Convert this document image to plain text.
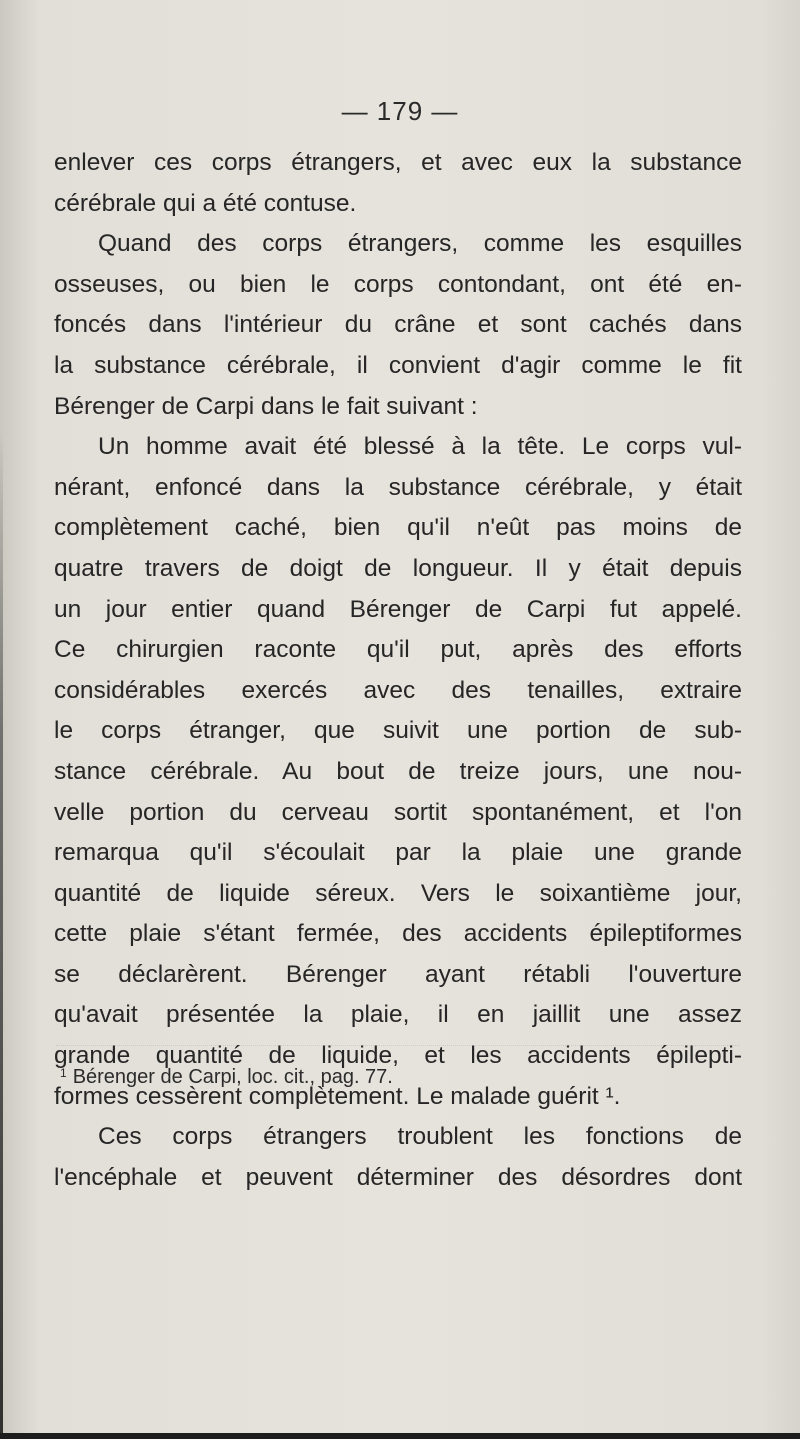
— 179 —
enlever ces corps étrangers, et avec eux la substance
cérébrale qui a été contuse.
Quand des corps étrangers, comme les esquilles
osseuses, ou bien le corps contondant, ont été en-
foncés dans l'intérieur du crâne et sont cachés dans
la substance cérébrale, il convient d'agir comme le fit
Bérenger de Carpi dans le fait suivant :
Un homme avait été blessé à la tête. Le corps vul-
nérant, enfoncé dans la substance cérébrale, y était
complètement caché, bien qu'il n'eût pas moins de
quatre travers de doigt de longueur. Il y était depuis
un jour entier quand Bérenger de Carpi fut appelé.
Ce chirurgien raconte qu'il put, après des efforts
considérables exercés avec des tenailles, extraire
le corps étranger, que suivit une portion de sub-
stance cérébrale. Au bout de treize jours, une nou-
velle portion du cerveau sortit spontanément, et l'on
remarqua qu'il s'écoulait par la plaie une grande
quantité de liquide séreux. Vers le soixantième jour,
cette plaie s'étant fermée, des accidents épileptiformes
se déclarèrent. Bérenger ayant rétabli l'ouverture
qu'avait présentée la plaie, il en jaillit une assez
grande quantité de liquide, et les accidents épilepti-
formes cessèrent complètement. Le malade guérit ¹.
Ces corps étrangers troublent les fonctions de
l'encéphale et peuvent déterminer des désordres dont
$^1$ Bérenger de Carpi, loc. cit., pag. 77.
